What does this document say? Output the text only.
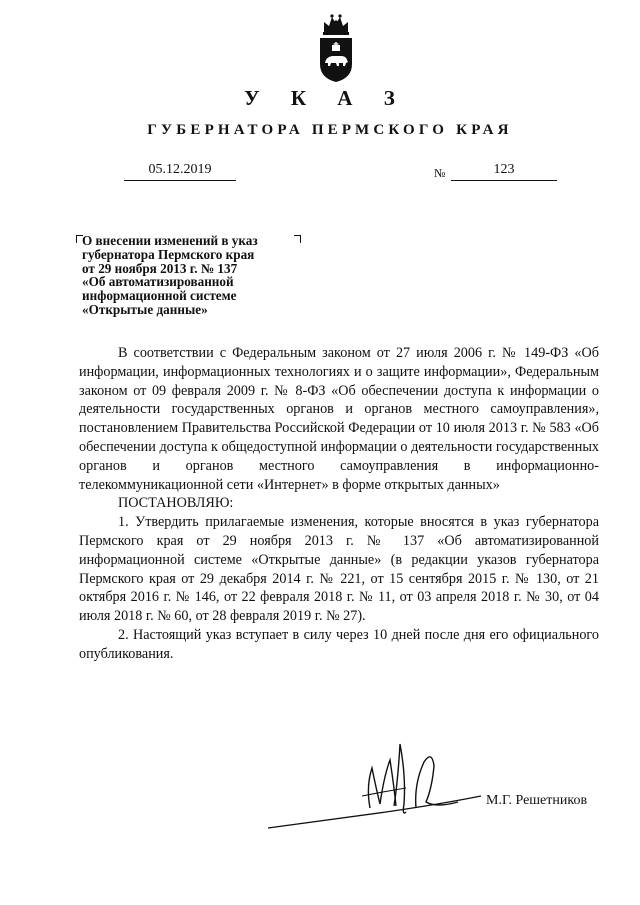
У К А З
ГУБЕРНАТОРА ПЕРМСКОГО КРАЯ
05.12.2019	№	123
О внесении изменений в указ
губернатора Пермского края
от 29 ноября 2013 г. № 137
«Об автоматизированной
информационной системе
«Открытые данные»

В соответствии с Федеральным законом от 27 июля 2006 г. № 149-ФЗ «Об информации, информационных технологиях и о защите информации», Федеральным законом от 09 февраля 2009 г. № 8-ФЗ «Об обеспечении доступа к информации о деятельности государственных органов и органов местного самоуправления», постановлением Правительства Российской Федерации от 10 июля 2013 г. № 583 «Об обеспечении доступа к общедоступной информации о деятельности государственных органов и органов местного самоуправления в информационно-телекоммуникационной сети «Интернет» в форме открытых данных»

ПОСТАНОВЛЯЮ:

1. Утвердить прилагаемые изменения, которые вносятся в указ губернатора Пермского края от 29 ноября 2013 г. № 137 «Об автоматизированной информационной системе «Открытые данные» (в редакции указов губернатора Пермского края от 29 декабря 2014 г. № 221, от 15 сентября 2015 г. № 130, от 21 октября 2016 г. № 146, от 22 февраля 2018 г. № 11, от 03 апреля 2018 г. № 30, от 04 июля 2018 г. № 60, от 28 февраля 2019 г. № 27).

2. Настоящий указ вступает в силу через 10 дней после дня его официального опубликования.

М.Г. Решетников
